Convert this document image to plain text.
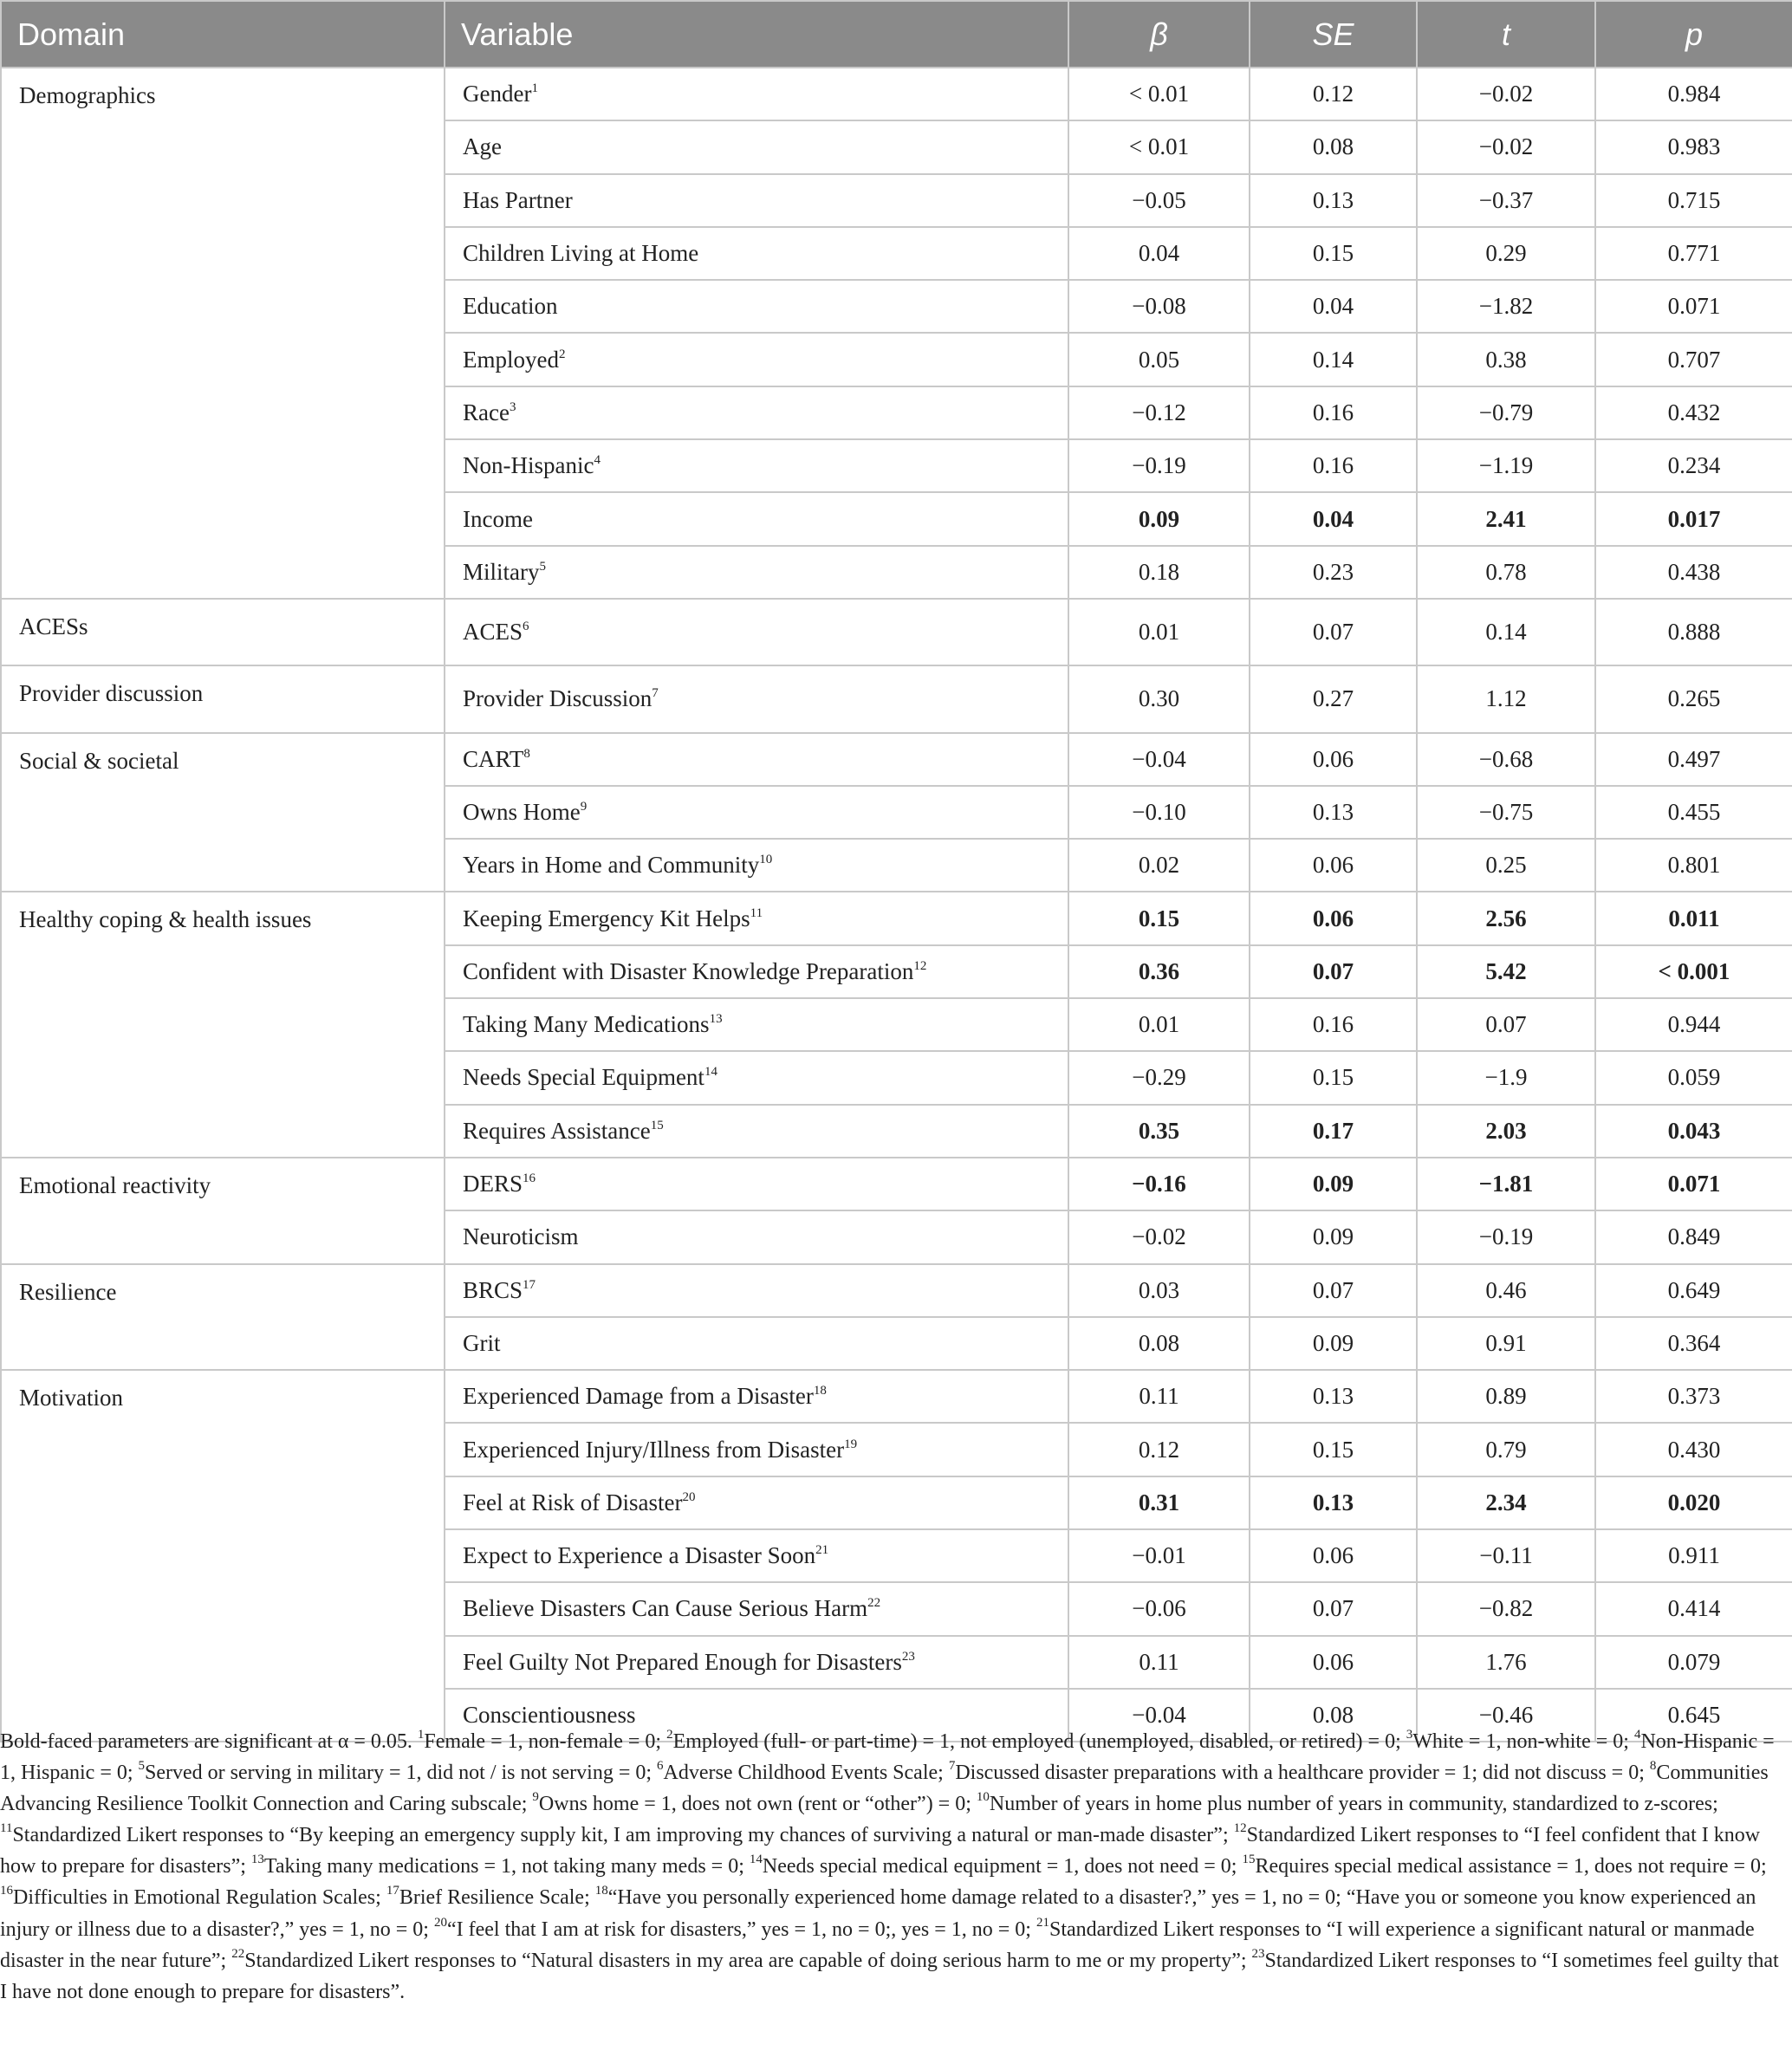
Domain	Variable	β	SE	t	p
Demographics	Gender$^1$	< 0.01	0.12	−0.02	0.984
	Age	< 0.01	0.08	−0.02	0.983
	Has Partner	−0.05	0.13	−0.37	0.715
	Children Living at Home	0.04	0.15	0.29	0.771
	Education	−0.08	0.04	−1.82	0.071
	Employed$^2$	0.05	0.14	0.38	0.707
	Race$^3$	−0.12	0.16	−0.79	0.432
	Non-Hispanic$^4$	−0.19	0.16	−1.19	0.234
	Income	0.09	0.04	2.41	0.017
	Military$^5$	0.18	0.23	0.78	0.438
ACESs	ACES$^6$	0.01	0.07	0.14	0.888
Provider discussion	Provider Discussion$^7$	0.30	0.27	1.12	0.265
Social & societal	$CART^8$	−0.04	0.06	−0.68	0.497
	Owns Home$^9$	−0.10	0.13	−0.75	0.455
	Years in Home and Community$^{10}$	0.02	0.06	0.25	0.801
Healthy coping & health issues	Keeping Emergency Kit Helps$^{11}$	0.15	0.06	2.56	0.011
	Confident with Disaster Knowledge Preparation$^{12}$	0.36	0.07	5.42	< 0.001
	Taking Many Medications$^{13}$	0.01	0.16	0.07	0.944
	Needs Special Equipment$^{14}$	−0.29	0.15	−1.9	0.059
	Requires Assistance$^{15}$	0.35	0.17	2.03	0.043
Emotional reactivity	$DERS^{16}$	−0.16	0.09	−1.81	0.071
	Neuroticism	−0.02	0.09	−0.19	0.849
Resilience	BRCS$^{17}$	0.03	0.07	0.46	0.649
	Grit	0.08	0.09	0.91	0.364
Motivation	Experienced Damage from a Disaster$^{18}$	0.11	0.13	0.89	0.373
	Experienced Injury/Illness from Disaster$^{19}$	0.12	0.15	0.79	0.430
	Feel at Risk of Disaster$^{20}$	0.31	0.13	2.34	0.020
	Expect to Experience a Disaster Soon$^{21}$	−0.01	0.06	−0.11	0.911
	Believe Disasters Can Cause Serious Harm$^{22}$	−0.06	0.07	−0.82	0.414
	Feel Guilty Not Prepared Enough for Disasters$^{23}$	0.11	0.06	1.76	0.079
	Conscientiousness	−0.04	0.08	−0.46	0.645

Bold-faced parameters are significant at α = 0.05. $^1$Female = 1, non-female = 0; $^2$Employed (full- or part-time) = 1, not employed (unemployed, disabled, or retired) = 0; $^3$White = 1, non-white = 0; $^4$Non-Hispanic = 1, Hispanic = 0; $^5$Served or serving in military = 1, did not / is not serving = 0; $^6$Adverse Childhood Events Scale; $^7$Discussed disaster preparations with a healthcare provider = 1; did not discuss = 0; $^8$Communities Advancing Resilience Toolkit Connection and Caring subscale; $^9$Owns home = 1, does not own (rent or “other”) = 0; $^{10}$Number of years in home plus number of years in community, standardized to z-scores; $^{11}$Standardized Likert responses to “By keeping an emergency supply kit, I am improving my chances of surviving a natural or man-made disaster”; $^{12}$Standardized Likert responses to “I feel confident that I know how to prepare for disasters”; $^{13}$Taking many medications = 1, not taking many meds = 0; $^{14}$Needs special medical equipment = 1, does not need = 0; $^{15}$Requires special medical assistance = 1, does not require = 0; $^{16}$Difficulties in Emotional Regulation Scales; $^{17}$Brief Resilience Scale; $^{18}$“Have you personally experienced home damage related to a disaster?,” yes = 1, no = 0; “Have you or someone you know experienced an injury or illness due to a disaster?,” yes = 1, no = 0; $^{20}$“I feel that I am at risk for disasters,” yes = 1, no = 0;, yes = 1, no = 0; $^{21}$Standardized Likert responses to “I will experience a significant natural or manmade disaster in the near future”; $^{22}$Standardized Likert responses to “Natural disasters in my area are capable of doing serious harm to me or my property”; $^{23}$Standardized Likert responses to “I sometimes feel guilty that I have not done enough to prepare for disasters”.
